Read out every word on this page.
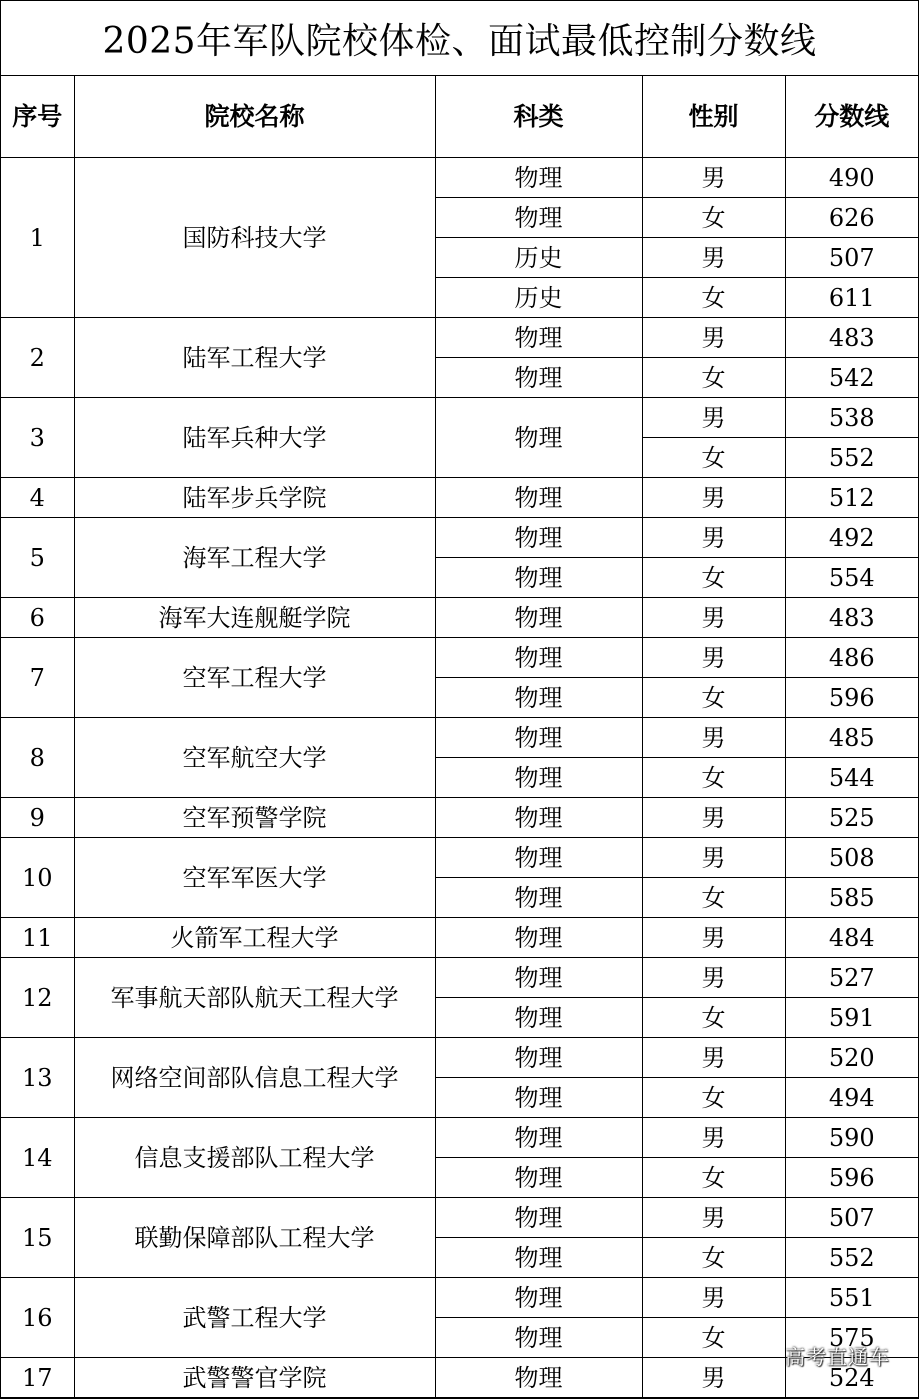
2025年军队院校体检、面试最低控制分数线
序号	院校名称	科类	性别	分数线
1	国防科技大学	物理	男	490
		物理	女	626
		历史	男	507
		历史	女	611
2	陆军工程大学	物理	男	483
		物理	女	542
3	陆军兵种大学	物理	男	538
			女	552
4	陆军步兵学院	物理	男	512
5	海军工程大学	物理	男	492
		物理	女	554
6	海军大连舰艇学院	物理	男	483
7	空军工程大学	物理	男	486
		物理	女	596
8	空军航空大学	物理	男	485
		物理	女	544
9	空军预警学院	物理	男	525
10	空军军医大学	物理	男	508
		物理	女	585
11	火箭军工程大学	物理	男	484
12	军事航天部队航天工程大学	物理	男	527
		物理	女	591
13	网络空间部队信息工程大学	物理	男	520
		物理	女	494
14	信息支援部队工程大学	物理	男	590
		物理	女	596
15	联勤保障部队工程大学	物理	男	507
		物理	女	552
16	武警工程大学	物理	男	551
		物理	女	575
17	武警警官学院	物理	男	524
高考直通车
